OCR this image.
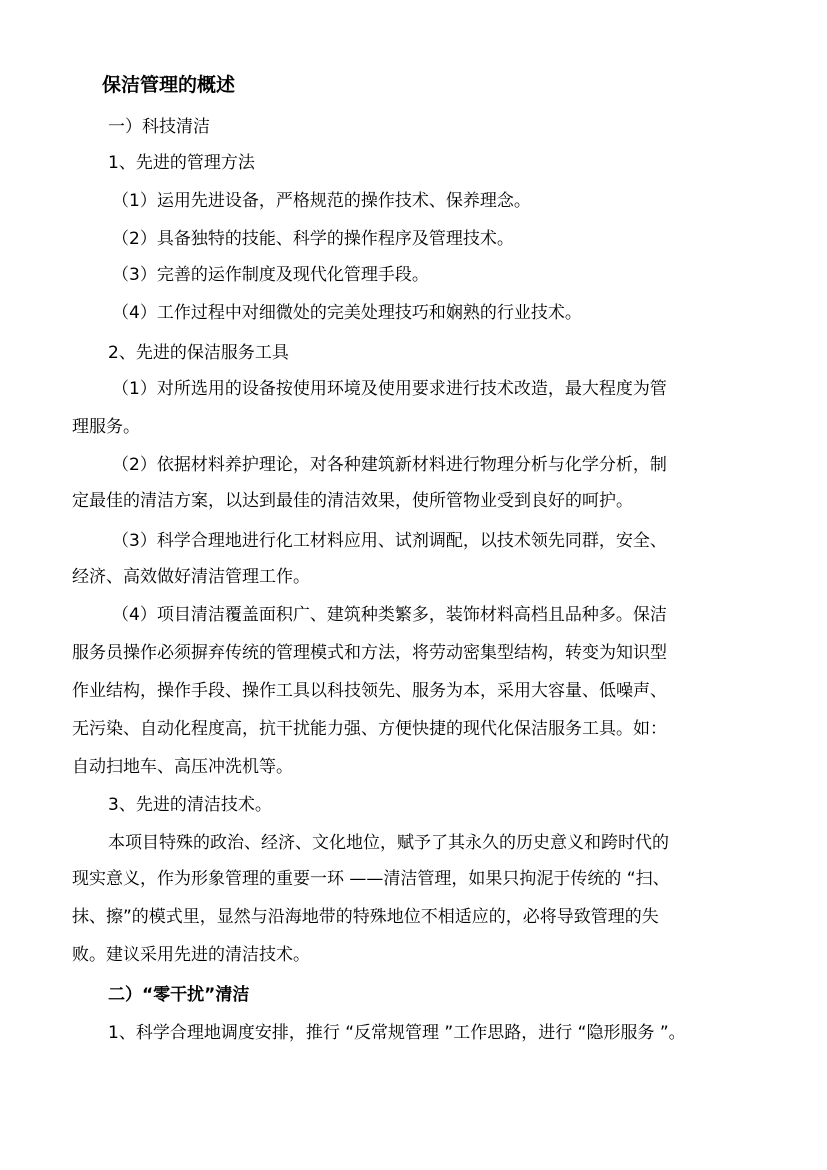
保洁管理的概述
一）科技清洁
1、先进的管理方法
（1）运用先进设备，严格规范的操作技术、保养理念。
（2）具备独特的技能、科学的操作程序及管理技术。
（3）完善的运作制度及现代化管理手段。
（4）工作过程中对细微处的完美处理技巧和娴熟的行业技术。
2、先进的保洁服务工具
（1）对所选用的设备按使用环境及使用要求进行技术改造，最大程度为管
理服务。
（2）依据材料养护理论，对各种建筑新材料进行物理分析与化学分析，制
定最佳的清洁方案，以达到最佳的清洁效果，使所管物业受到良好的呵护。
（3）科学合理地进行化工材料应用、试剂调配，以技术领先同群，安全、
经济、高效做好清洁管理工作。
（4）项目清洁覆盖面积广、建筑种类繁多，装饰材料高档且品种多。保洁
服务员操作必须摒弃传统的管理模式和方法，将劳动密集型结构，转变为知识型
作业结构，操作手段、操作工具以科技领先、服务为本，采用大容量、低噪声、
无污染、自动化程度高，抗干扰能力强、方便快捷的现代化保洁服务工具。如：
自动扫地车、高压冲洗机等。
3、先进的清洁技术。
本项目特殊的政治、经济、文化地位，赋予了其永久的历史意义和跨时代的
现实意义，作为形象管理的重要一环 ——清洁管理，如果只拘泥于传统的 “扫、
抹、擦”的模式里，显然与沿海地带的特殊地位不相适应的，必将导致管理的失
败。建议采用先进的清洁技术。
二）“零干扰”清洁
1、科学合理地调度安排，推行 “反常规管理 ”工作思路，进行 “隐形服务 ”。
